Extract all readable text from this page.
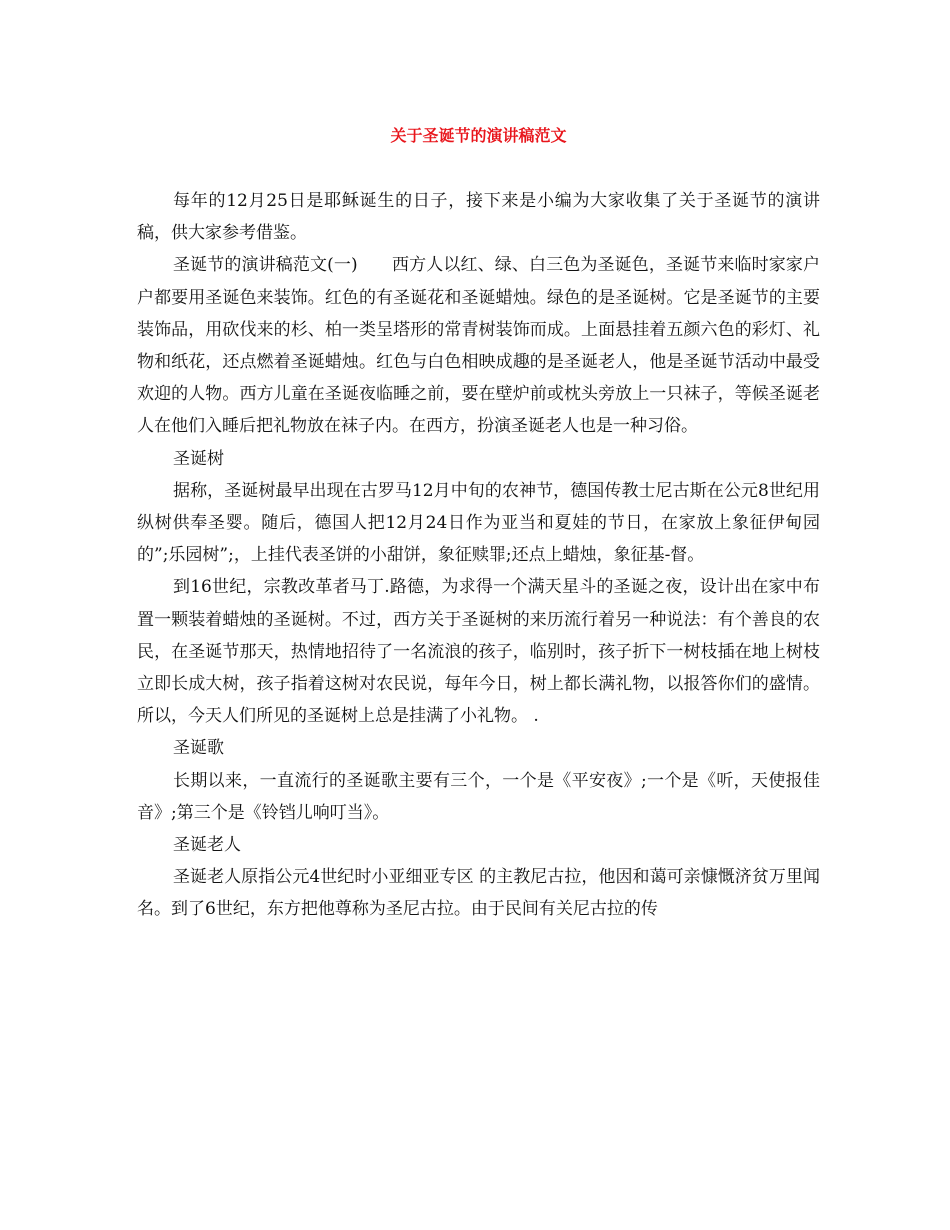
关于圣诞节的演讲稿范文

每年的12月25日是耶稣诞生的日子，接下来是小编为大家收集了关于圣诞节的演讲稿，供大家参考借鉴。

圣诞节的演讲稿范文(一)　　西方人以红、绿、白三色为圣诞色，圣诞节来临时家家户户都要用圣诞色来装饰。红色的有圣诞花和圣诞蜡烛。绿色的是圣诞树。它是圣诞节的主要装饰品，用砍伐来的杉、柏一类呈塔形的常青树装饰而成。上面悬挂着五颜六色的彩灯、礼物和纸花，还点燃着圣诞蜡烛。红色与白色相映成趣的是圣诞老人，他是圣诞节活动中最受欢迎的人物。西方儿童在圣诞夜临睡之前，要在壁炉前或枕头旁放上一只袜子，等候圣诞老人在他们入睡后把礼物放在袜子内。在西方，扮演圣诞老人也是一种习俗。

圣诞树

据称，圣诞树最早出现在古罗马12月中旬的农神节，德国传教士尼古斯在公元8世纪用纵树供奉圣婴。随后，德国人把12月24日作为亚当和夏娃的节日，在家放上象征伊甸园的”;乐园树”;，上挂代表圣饼的小甜饼，象征赎罪;还点上蜡烛，象征基-督。

到16世纪，宗教改革者马丁.路德，为求得一个满天星斗的圣诞之夜，设计出在家中布置一颗装着蜡烛的圣诞树。不过，西方关于圣诞树的来历流行着另一种说法：有个善良的农民，在圣诞节那天，热情地招待了一名流浪的孩子，临别时，孩子折下一树枝插在地上树枝立即长成大树，孩子指着这树对农民说，每年今日，树上都长满礼物，以报答你们的盛情。所以，今天人们所见的圣诞树上总是挂满了小礼物。 .

圣诞歌

长期以来，一直流行的圣诞歌主要有三个，一个是《平安夜》;一个是《听，天使报佳音》;第三个是《铃铛儿响叮当》。

圣诞老人

圣诞老人原指公元4世纪时小亚细亚专区 的主教尼古拉，他因和蔼可亲慷慨济贫万里闻名。到了6世纪，东方把他尊称为圣尼古拉。由于民间有关尼古拉的传
